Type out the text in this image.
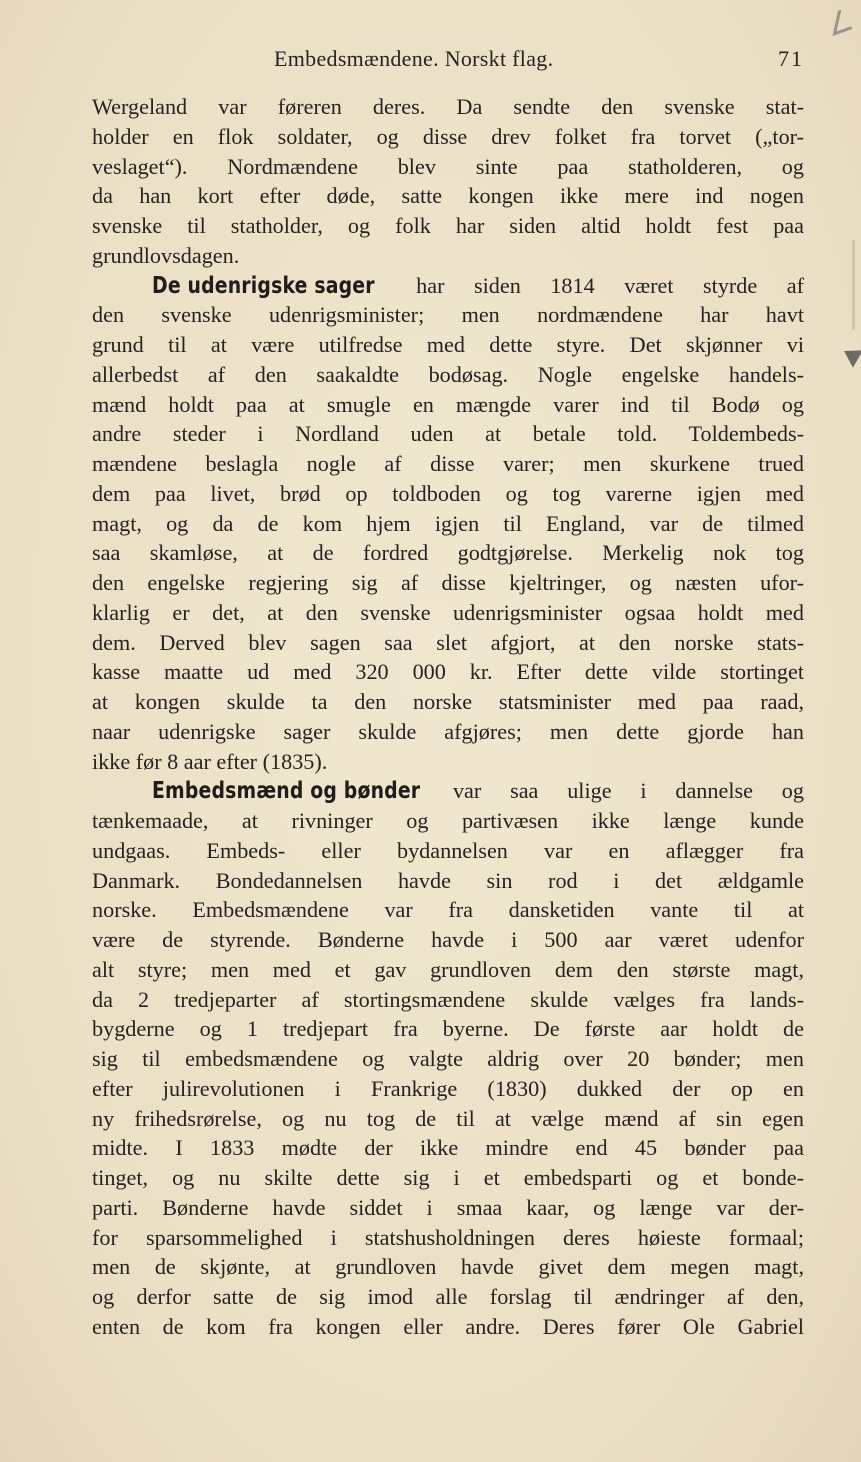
∠
Embedsmændene. Norskt flag.	71
Wergeland var føreren deres. Da sendte den svenske stat-
holder en flok soldater, og disse drev folket fra torvet („tor-
veslaget“). Nordmændene blev sinte paa statholderen, og
da han kort efter døde, satte kongen ikke mere ind nogen
svenske til statholder, og folk har siden altid holdt fest paa
grundlovsdagen.
De udenrigske sager har siden 1814 været styrde af
den svenske udenrigsminister; men nordmændene har havt
grund til at være utilfredse med dette styre. Det skjønner vi
allerbedst af den saakaldte bodøsag. Nogle engelske handels-
mænd holdt paa at smugle en mængde varer ind til Bodø og
andre steder i Nordland uden at betale told. Toldembeds-
mændene beslagla nogle af disse varer; men skurkene trued
dem paa livet, brød op toldboden og tog varerne igjen med
magt, og da de kom hjem igjen til England, var de tilmed
saa skamløse, at de fordred godtgjørelse. Merkelig nok tog
den engelske regjering sig af disse kjeltringer, og næsten ufor-
klarlig er det, at den svenske udenrigsminister ogsaa holdt med
dem. Derved blev sagen saa slet afgjort, at den norske stats-
kasse maatte ud med 320 000 kr. Efter dette vilde stortinget
at kongen skulde ta den norske statsminister med paa raad,
naar udenrigske sager skulde afgjøres; men dette gjorde han
ikke før 8 aar efter (1835).
Embedsmænd og bønder var saa ulige i dannelse og
tænkemaade, at rivninger og partivæsen ikke længe kunde
undgaas. Embeds- eller bydannelsen var en aflægger fra
Danmark. Bondedannelsen havde sin rod i det ældgamle
norske. Embedsmændene var fra dansketiden vante til at
være de styrende. Bønderne havde i 500 aar været udenfor
alt styre; men med et gav grundloven dem den største magt,
da 2 tredjeparter af stortingsmændene skulde vælges fra lands-
bygderne og 1 tredjepart fra byerne. De første aar holdt de
sig til embedsmændene og valgte aldrig over 20 bønder; men
efter julirevolutionen i Frankrige (1830) dukked der op en
ny frihedsrørelse, og nu tog de til at vælge mænd af sin egen
midte. I 1833 mødte der ikke mindre end 45 bønder paa
tinget, og nu skilte dette sig i et embedsparti og et bonde-
parti. Bønderne havde siddet i smaa kaar, og længe var der-
for sparsommelighed i statshusholdningen deres høieste formaal;
men de skjønte, at grundloven havde givet dem megen magt,
og derfor satte de sig imod alle forslag til ændringer af den,
enten de kom fra kongen eller andre. Deres fører Ole Gabriel
